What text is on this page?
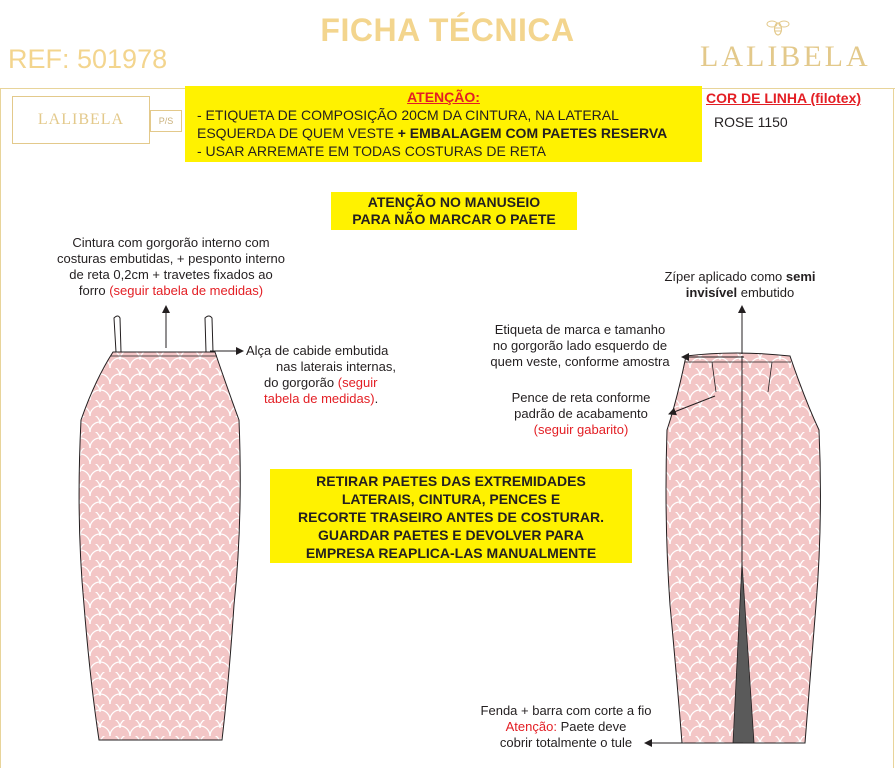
FICHA TÉCNICA
REF: 501978	LALIBELA
LALIBELA	P/S
ATENÇÃO:
- ETIQUETA DE COMPOSIÇÃO 20CM DA CINTURA, NA LATERAL
ESQUERDA DE QUEM VESTE + EMBALAGEM COM PAETES RESERVA
- USAR ARREMATE EM TODAS COSTURAS DE RETA
COR DE LINHA (filotex)
ROSE 1150
ATENÇÃO NO MANUSEIO
PARA NÃO MARCAR O PAETE
Cintura com gorgorão interno com
costuras embutidas, + pesponto interno
de reta 0,2cm + travetes fixados ao
forro (seguir tabela de medidas)
Alça de cabide embutida
nas laterais internas,
do gorgorão (seguir
tabela de medidas).
Zíper aplicado como semi
invisível embutido
Etiqueta de marca e tamanho
no gorgorão lado esquerdo de
quem veste, conforme amostra
Pence de reta conforme
padrão de acabamento
(seguir gabarito)
Fenda + barra com corte a fio
Atenção: Paete deve
cobrir totalmente o tule
RETIRAR PAETES DAS EXTREMIDADES
LATERAIS, CINTURA, PENCES E
RECORTE TRASEIRO ANTES DE COSTURAR.
GUARDAR PAETES E DEVOLVER PARA
EMPRESA REAPLICA-LAS MANUALMENTE
